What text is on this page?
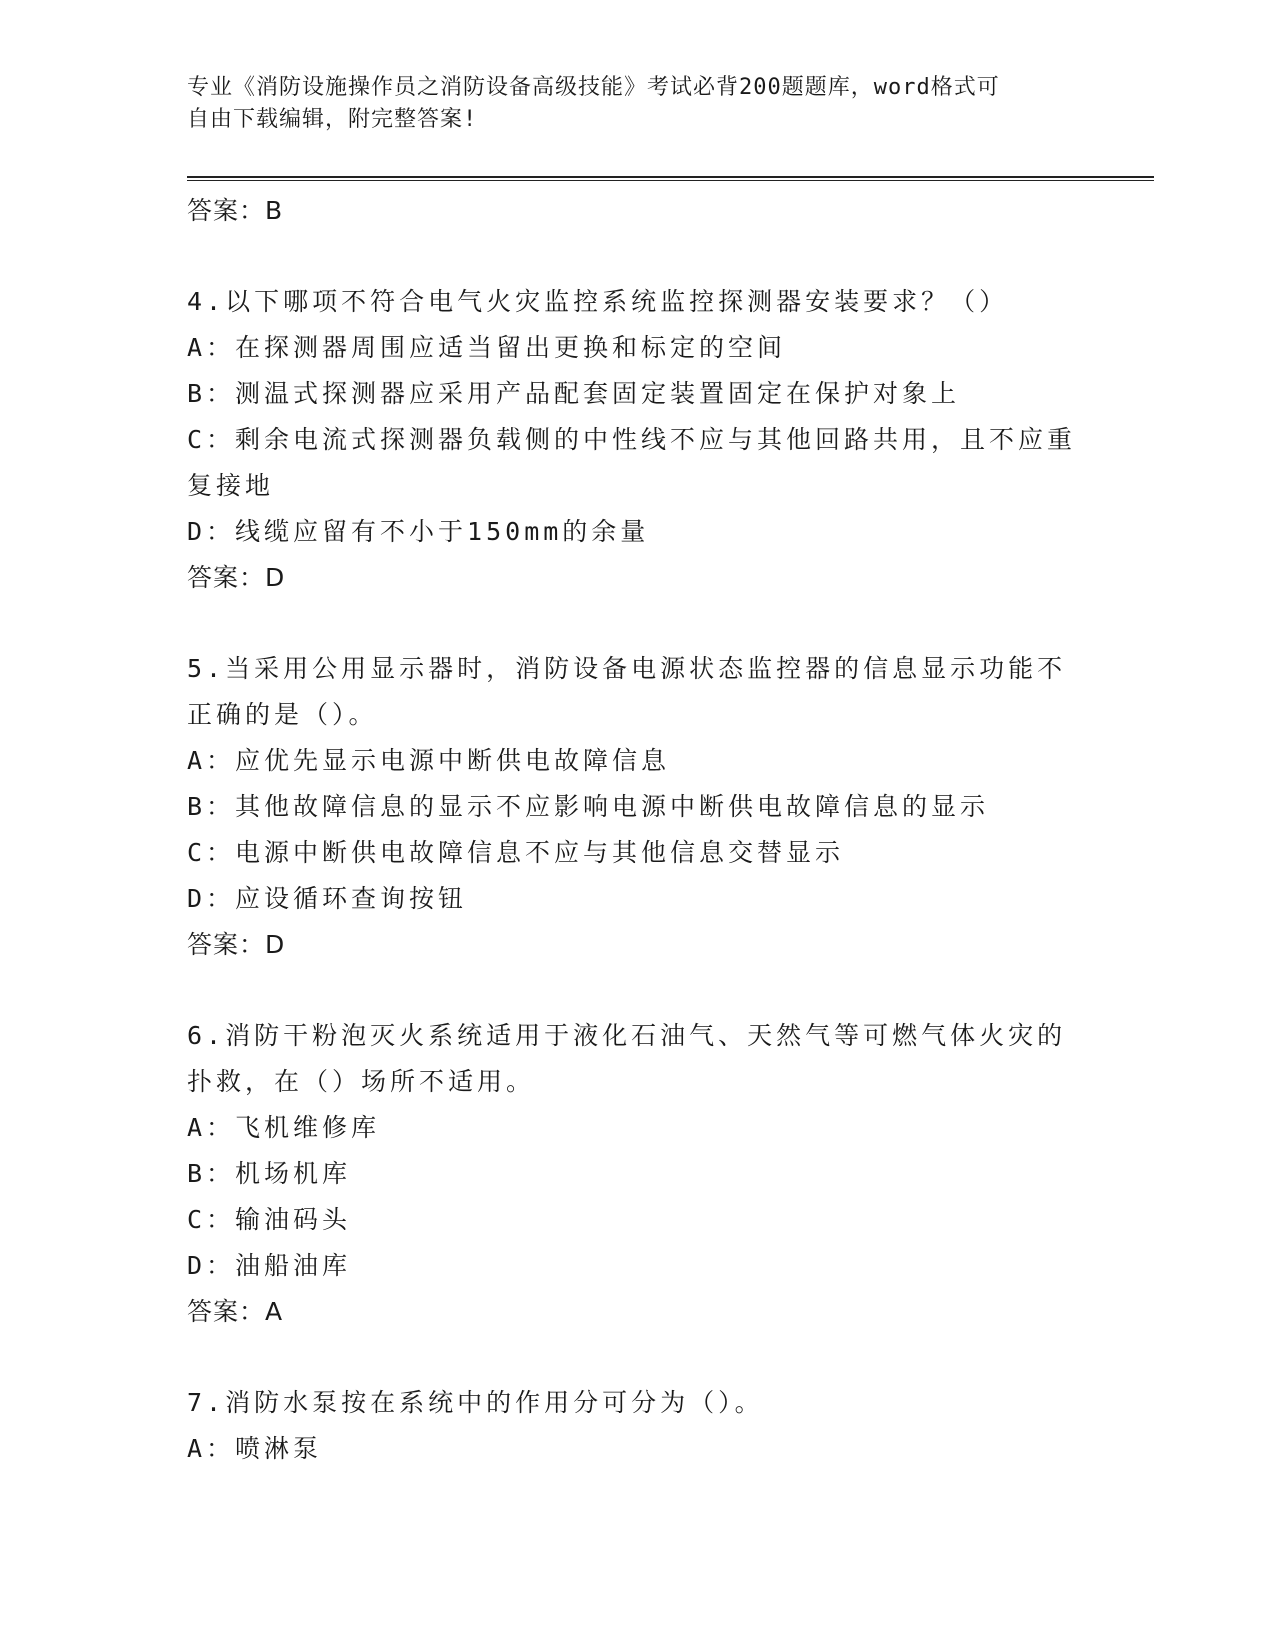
专业《消防设施操作员之消防设备高级技能》考试必背200题题库，word格式可
自由下载编辑，附完整答案!
答案：B
4.以下哪项不符合电气火灾监控系统监控探测器安装要求？（）
A：在探测器周围应适当留出更换和标定的空间
B：测温式探测器应采用产品配套固定装置固定在保护对象上
C：剩余电流式探测器负载侧的中性线不应与其他回路共用，且不应重
复接地
D：线缆应留有不小于150mm的余量
答案：D
5.当采用公用显示器时，消防设备电源状态监控器的信息显示功能不
正确的是（）。
A：应优先显示电源中断供电故障信息
B：其他故障信息的显示不应影响电源中断供电故障信息的显示
C：电源中断供电故障信息不应与其他信息交替显示
D：应设循环查询按钮
答案：D
6.消防干粉泡灭火系统适用于液化石油气、天然气等可燃气体火灾的
扑救，在（）场所不适用。
A：飞机维修库
B：机场机库
C：输油码头
D：油船油库
答案：A
7.消防水泵按在系统中的作用分可分为（）。
A：喷淋泵
